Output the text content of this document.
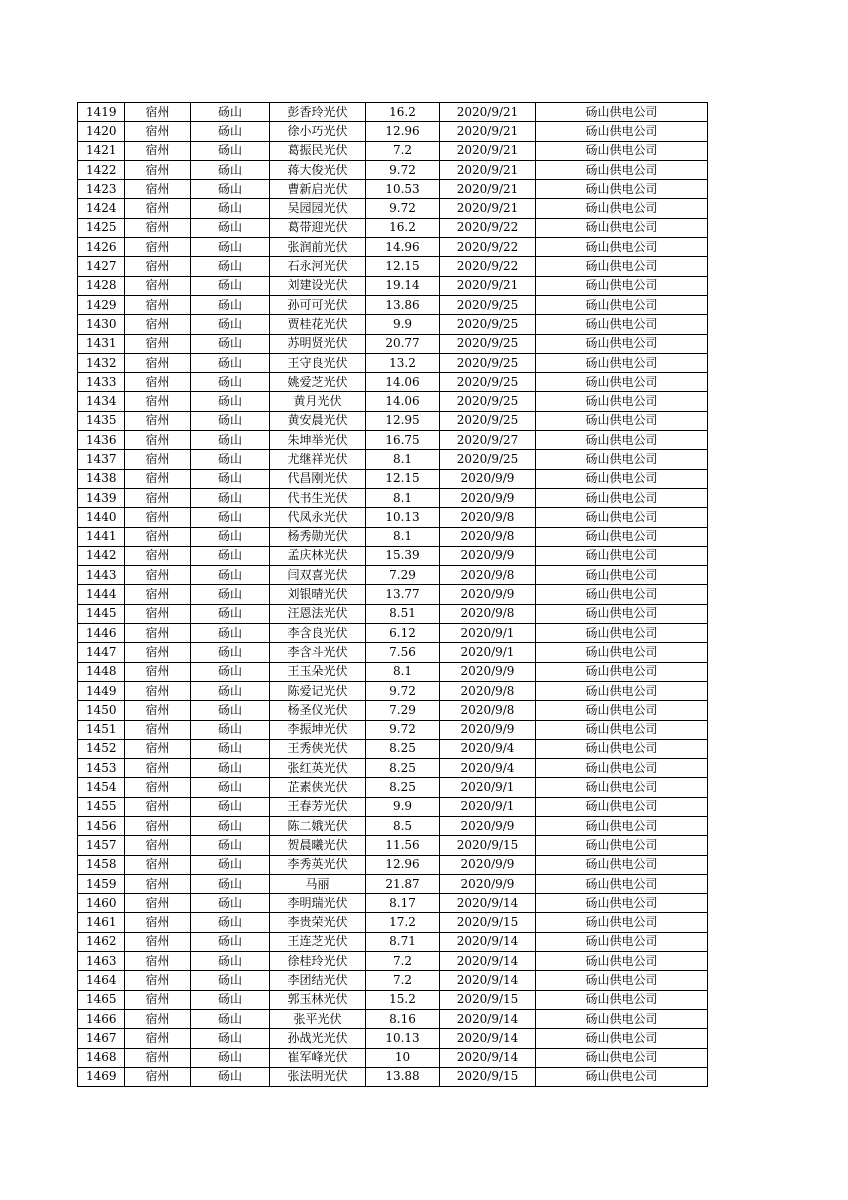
1419	宿州	砀山	彭香玲光伏	16.2	2020/9/21	砀山供电公司
1420	宿州	砀山	徐小巧光伏	12.96	2020/9/21	砀山供电公司
1421	宿州	砀山	葛振民光伏	7.2	2020/9/21	砀山供电公司
1422	宿州	砀山	蒋大俊光伏	9.72	2020/9/21	砀山供电公司
1423	宿州	砀山	曹新启光伏	10.53	2020/9/21	砀山供电公司
1424	宿州	砀山	吴园园光伏	9.72	2020/9/21	砀山供电公司
1425	宿州	砀山	葛带迎光伏	16.2	2020/9/22	砀山供电公司
1426	宿州	砀山	张润前光伏	14.96	2020/9/22	砀山供电公司
1427	宿州	砀山	石永河光伏	12.15	2020/9/22	砀山供电公司
1428	宿州	砀山	刘建设光伏	19.14	2020/9/21	砀山供电公司
1429	宿州	砀山	孙可可光伏	13.86	2020/9/25	砀山供电公司
1430	宿州	砀山	贾桂花光伏	9.9	2020/9/25	砀山供电公司
1431	宿州	砀山	苏明贤光伏	20.77	2020/9/25	砀山供电公司
1432	宿州	砀山	王守良光伏	13.2	2020/9/25	砀山供电公司
1433	宿州	砀山	姚爱芝光伏	14.06	2020/9/25	砀山供电公司
1434	宿州	砀山	黄月光伏	14.06	2020/9/25	砀山供电公司
1435	宿州	砀山	黄安晨光伏	12.95	2020/9/25	砀山供电公司
1436	宿州	砀山	朱坤举光伏	16.75	2020/9/27	砀山供电公司
1437	宿州	砀山	尤继祥光伏	8.1	2020/9/25	砀山供电公司
1438	宿州	砀山	代昌刚光伏	12.15	2020/9/9	砀山供电公司
1439	宿州	砀山	代书生光伏	8.1	2020/9/9	砀山供电公司
1440	宿州	砀山	代凤永光伏	10.13	2020/9/8	砀山供电公司
1441	宿州	砀山	杨秀勋光伏	8.1	2020/9/8	砀山供电公司
1442	宿州	砀山	孟庆林光伏	15.39	2020/9/9	砀山供电公司
1443	宿州	砀山	闫双喜光伏	7.29	2020/9/8	砀山供电公司
1444	宿州	砀山	刘银晴光伏	13.77	2020/9/9	砀山供电公司
1445	宿州	砀山	汪恩法光伏	8.51	2020/9/8	砀山供电公司
1446	宿州	砀山	李含良光伏	6.12	2020/9/1	砀山供电公司
1447	宿州	砀山	李含斗光伏	7.56	2020/9/1	砀山供电公司
1448	宿州	砀山	王玉朵光伏	8.1	2020/9/9	砀山供电公司
1449	宿州	砀山	陈爱记光伏	9.72	2020/9/8	砀山供电公司
1450	宿州	砀山	杨圣仪光伏	7.29	2020/9/8	砀山供电公司
1451	宿州	砀山	李振坤光伏	9.72	2020/9/9	砀山供电公司
1452	宿州	砀山	王秀侠光伏	8.25	2020/9/4	砀山供电公司
1453	宿州	砀山	张红英光伏	8.25	2020/9/4	砀山供电公司
1454	宿州	砀山	芷素侠光伏	8.25	2020/9/1	砀山供电公司
1455	宿州	砀山	王春芳光伏	9.9	2020/9/1	砀山供电公司
1456	宿州	砀山	陈二娥光伏	8.5	2020/9/9	砀山供电公司
1457	宿州	砀山	贺晨曦光伏	11.56	2020/9/15	砀山供电公司
1458	宿州	砀山	李秀英光伏	12.96	2020/9/9	砀山供电公司
1459	宿州	砀山	马丽	21.87	2020/9/9	砀山供电公司
1460	宿州	砀山	李明瑞光伏	8.17	2020/9/14	砀山供电公司
1461	宿州	砀山	李贵荣光伏	17.2	2020/9/15	砀山供电公司
1462	宿州	砀山	王连芝光伏	8.71	2020/9/14	砀山供电公司
1463	宿州	砀山	徐桂玲光伏	7.2	2020/9/14	砀山供电公司
1464	宿州	砀山	李团结光伏	7.2	2020/9/14	砀山供电公司
1465	宿州	砀山	郭玉林光伏	15.2	2020/9/15	砀山供电公司
1466	宿州	砀山	张平光伏	8.16	2020/9/14	砀山供电公司
1467	宿州	砀山	孙战光光伏	10.13	2020/9/14	砀山供电公司
1468	宿州	砀山	崔军峰光伏	10	2020/9/14	砀山供电公司
1469	宿州	砀山	张法明光伏	13.88	2020/9/15	砀山供电公司
